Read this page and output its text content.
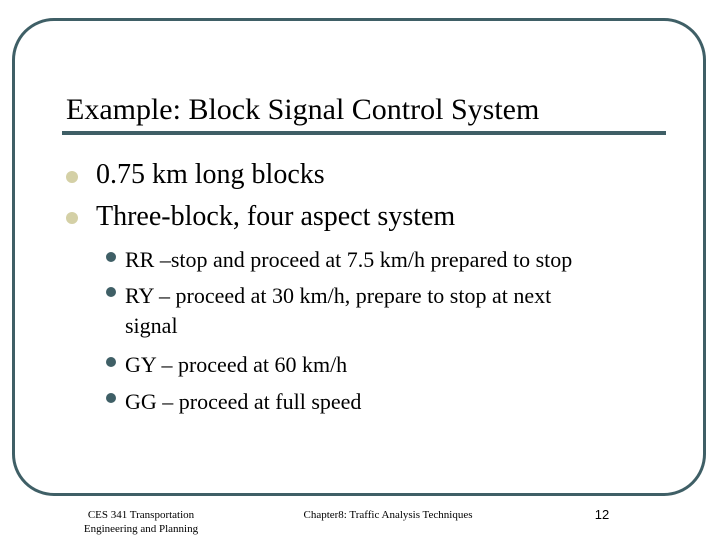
Example: Block Signal Control System
0.75 km long blocks
Three-block, four aspect system
RR –stop and proceed at 7.5 km/h prepared to stop
RY – proceed at 30 km/h, prepare to stop at next
signal
GY – proceed at 60 km/h
GG – proceed at full speed
CES 341 Transportation
Engineering and Planning
Chapter8: Traffic Analysis Techniques	12
